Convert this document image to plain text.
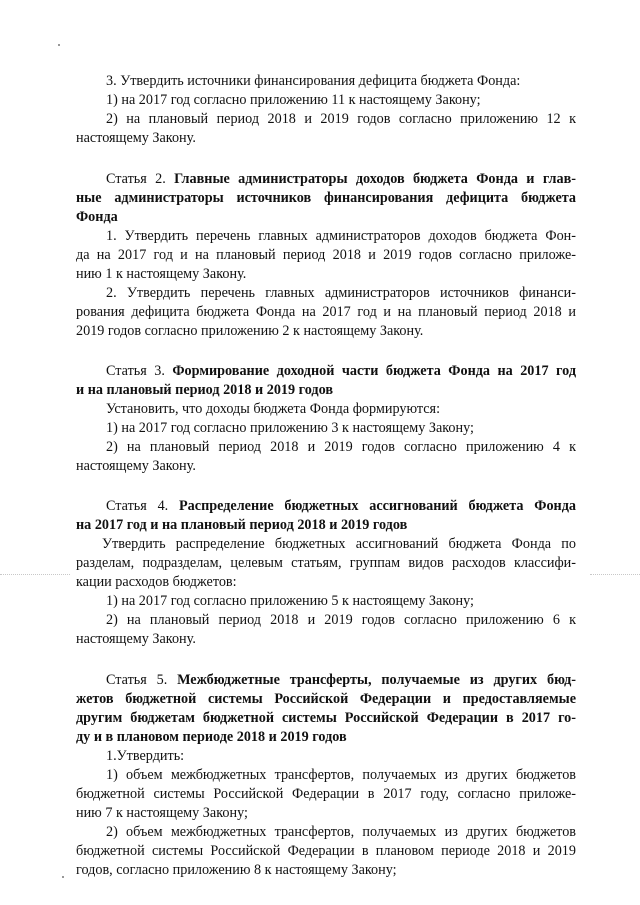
3. Утвердить источники финансирования дефицита бюджета Фонда:

1) на 2017 год согласно приложению 11 к настоящему Закону;

2) на плановый период 2018 и 2019 годов согласно приложению 12 к

настоящему Закону.

Статья 2. Главные администраторы доходов бюджета Фонда и глав-

ные администраторы источников финансирования дефицита бюджета

Фонда

1. Утвердить перечень главных администраторов доходов бюджета Фон-

да на 2017 год и на плановый период 2018 и 2019 годов согласно приложе-

нию 1 к настоящему Закону.

2. Утвердить перечень главных администраторов источников финанси-

рования дефицита бюджета Фонда на 2017 год и на плановый период 2018 и

2019 годов согласно приложению 2 к настоящему Закону.

Статья 3. Формирование доходной части бюджета Фонда на 2017 год

и на плановый период 2018 и 2019 годов

Установить, что доходы бюджета Фонда формируются:

1) на 2017 год согласно приложению 3 к настоящему Закону;

2) на плановый период 2018 и 2019 годов согласно приложению 4 к

настоящему Закону.

Статья 4. Распределение бюджетных ассигнований бюджета Фонда

на 2017 год и на плановый период 2018 и 2019 годов

Утвердить распределение бюджетных ассигнований бюджета Фонда по

разделам, подразделам, целевым статьям, группам видов расходов классифи-

кации расходов бюджетов:

1) на 2017 год согласно приложению 5 к настоящему Закону;

2) на плановый период 2018 и 2019 годов согласно приложению 6 к

настоящему Закону.

Статья 5. Межбюджетные трансферты, получаемые из других бюд-

жетов бюджетной системы Российской Федерации и предоставляемые

другим бюджетам бюджетной системы Российской Федерации в 2017 го-

ду и в плановом периоде 2018 и 2019 годов

1.Утвердить:

1) объем межбюджетных трансфертов, получаемых из других бюджетов

бюджетной системы Российской Федерации в 2017 году, согласно приложе-

нию 7 к настоящему Закону;

2) объем межбюджетных трансфертов, получаемых из других бюджетов

бюджетной системы Российской Федерации в плановом периоде 2018 и 2019

годов, согласно приложению 8 к настоящему Закону;
